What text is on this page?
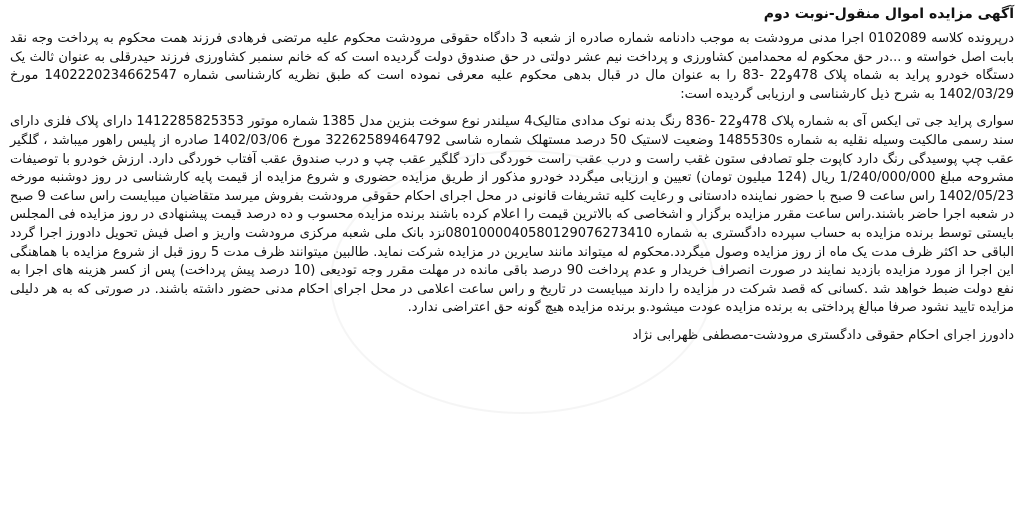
آگهی مزایده اموال منقول-نوبت دوم

درپرونده کلاسه 0102089 اجرا مدنی مرودشت به موجب دادنامه شماره صادره از شعبه 3 دادگاه حقوقی مرودشت محکوم علیه مرتضی فرهادی فرزند همت محکوم به پرداخت وجه نقد بابت اصل خواسته و ...در حق محکوم له محمدامین کشاورزی و پرداخت نیم عشر دولتی در حق صندوق دولت گردیده است که که خانم سنمبر کشاورزی فرزند حیدرقلی به عنوان ثالث یک دستگاه خودرو پراید به شماه پلاک 478و22 -83 را به عنوان مال در قبال بدهی محکوم علیه معرفی نموده است که طبق نظریه کارشناسی شماره 1402220234662547 مورخ 1402/03/29 به شرح ذیل کارشناسی و ارزیابی گردیده است:

سواری پراید جی تی ایکس آی به شماره پلاک 478و22 -836 رنگ بدنه نوک مدادی متالیک4 سیلندر نوع سوخت بنزین مدل 1385 شماره موتور 1412285825353 دارای پلاک فلزی دارای سند رسمی مالکیت وسیله نقلیه به شماره 1485530s وضعیت لاستیک 50 درصد مستهلک شماره شاسی 32262589464792 مورخ 1402/03/06 صادره از پلیس راهور میباشد ، گلگیر عقب چپ پوسیدگی رنگ دارد کاپوت جلو تصادفی ستون غقب راست و درب عقب راست خوردگی دارد گلگیر عقب چپ و درب صندوق عقب آفتاب خوردگی دارد. ارزش خودرو با توصیفات مشروحه مبلغ 1/240/000/000 ریال (124 میلیون تومان) تعیین و ارزیابی میگردد خودرو مذکور از طریق مزایده حضوری و شروع مزایده از قیمت پایه کارشناسی در روز دوشنبه مورخه 1402/05/23 راس ساعت 9 صبح با حضور نماینده دادستانی و رعایت کلیه تشریفات قانونی در محل اجرای احکام حقوقی مرودشت بفروش میرسد متقاضیان میبایست راس ساعت 9 صبح در شعبه اجرا حاضر باشند.راس ساعت مقرر مزایده برگزار و اشخاصی که بالاترین قیمت را اعلام کرده باشند برنده مزایده محسوب و ده درصد قیمت پیشنهادی در روز مزایده فی المجلس بایستی توسط برنده مزایده به حساب سپرده دادگستری به شماره 0801000040580129076273410نزد بانک ملی شعبه مرکزی مرودشت واریز و اصل فیش تحویل دادورز اجرا گردد الباقی حد اکثر ظرف مدت یک ماه از روز مزایده وصول میگردد.محکوم له میتواند مانند سایرین در مزایده شرکت نماید. طالبین میتوانند ظرف مدت 5 روز قبل از شروع مزایده با هماهنگی این اجرا از مورد مزایده بازدید نمایند در صورت انصراف خریدار و عدم پرداخت 90 درصد باقی مانده در مهلت مقرر وجه تودیعی (10 درصد پیش پرداخت) پس از کسر هزینه های اجرا به نفع دولت ضبط خواهد شد .کسانی که قصد شرکت در مزایده را دارند میبایست در تاریخ و راس ساعت اعلامی در محل اجرای احکام مدنی حضور داشته باشند. در صورتی که به هر دلیلی مزایده تایید نشود صرفا مبالغ پرداختی به برنده مزایده عودت میشود.و برنده مزایده هیچ گونه حق اعتراضی ندارد.

دادورز اجرای احکام حقوقی دادگستری مرودشت-مصطفی ظهرابی نژاد
